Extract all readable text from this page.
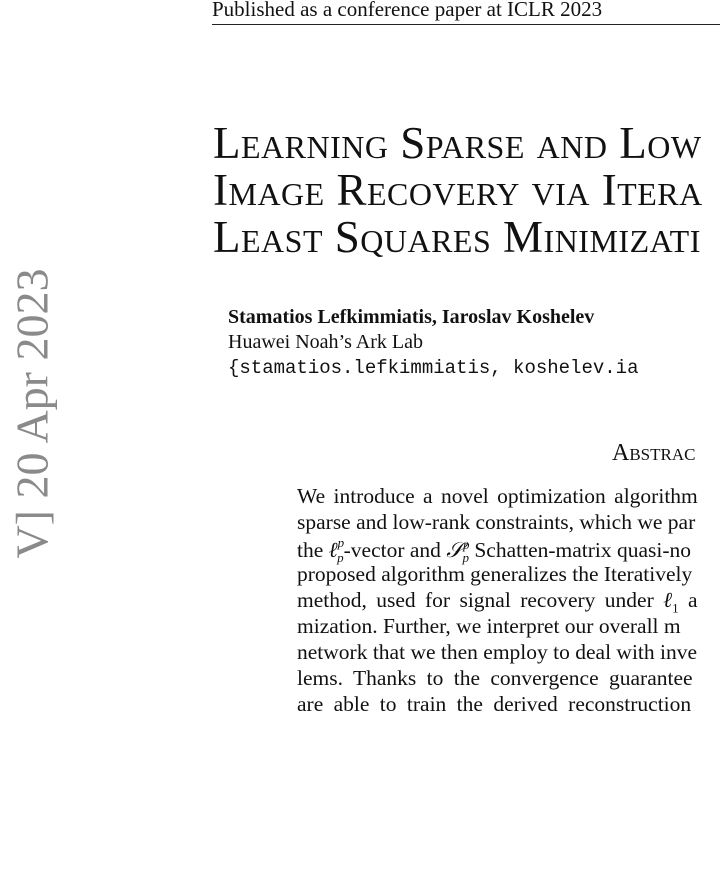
Published as a conference paper at ICLR 2023
Learning Sparse and Low
Image Recovery via Itera
Least Squares Minimizati
Stamatios Lefkimmiatis, Iaroslav Koshelev
Huawei Noah’s Ark Lab
{stamatios.lefkimmiatis, koshelev.ia
Abstrac
We introduce a novel optimization algorithm
sparse and low-rank constraints, which we par
the ℓ$^p_p$-vector and 𝒮$^p_p$ Schatten-matrix quasi-no
proposed algorithm generalizes the Iteratively
method, used for signal recovery under ℓ$_1$ a
mization. Further, we interpret our overall m
network that we then employ to deal with inve
lems. Thanks to the convergence guarantee
are able to train the derived reconstruction
V] 20 Apr 2023
